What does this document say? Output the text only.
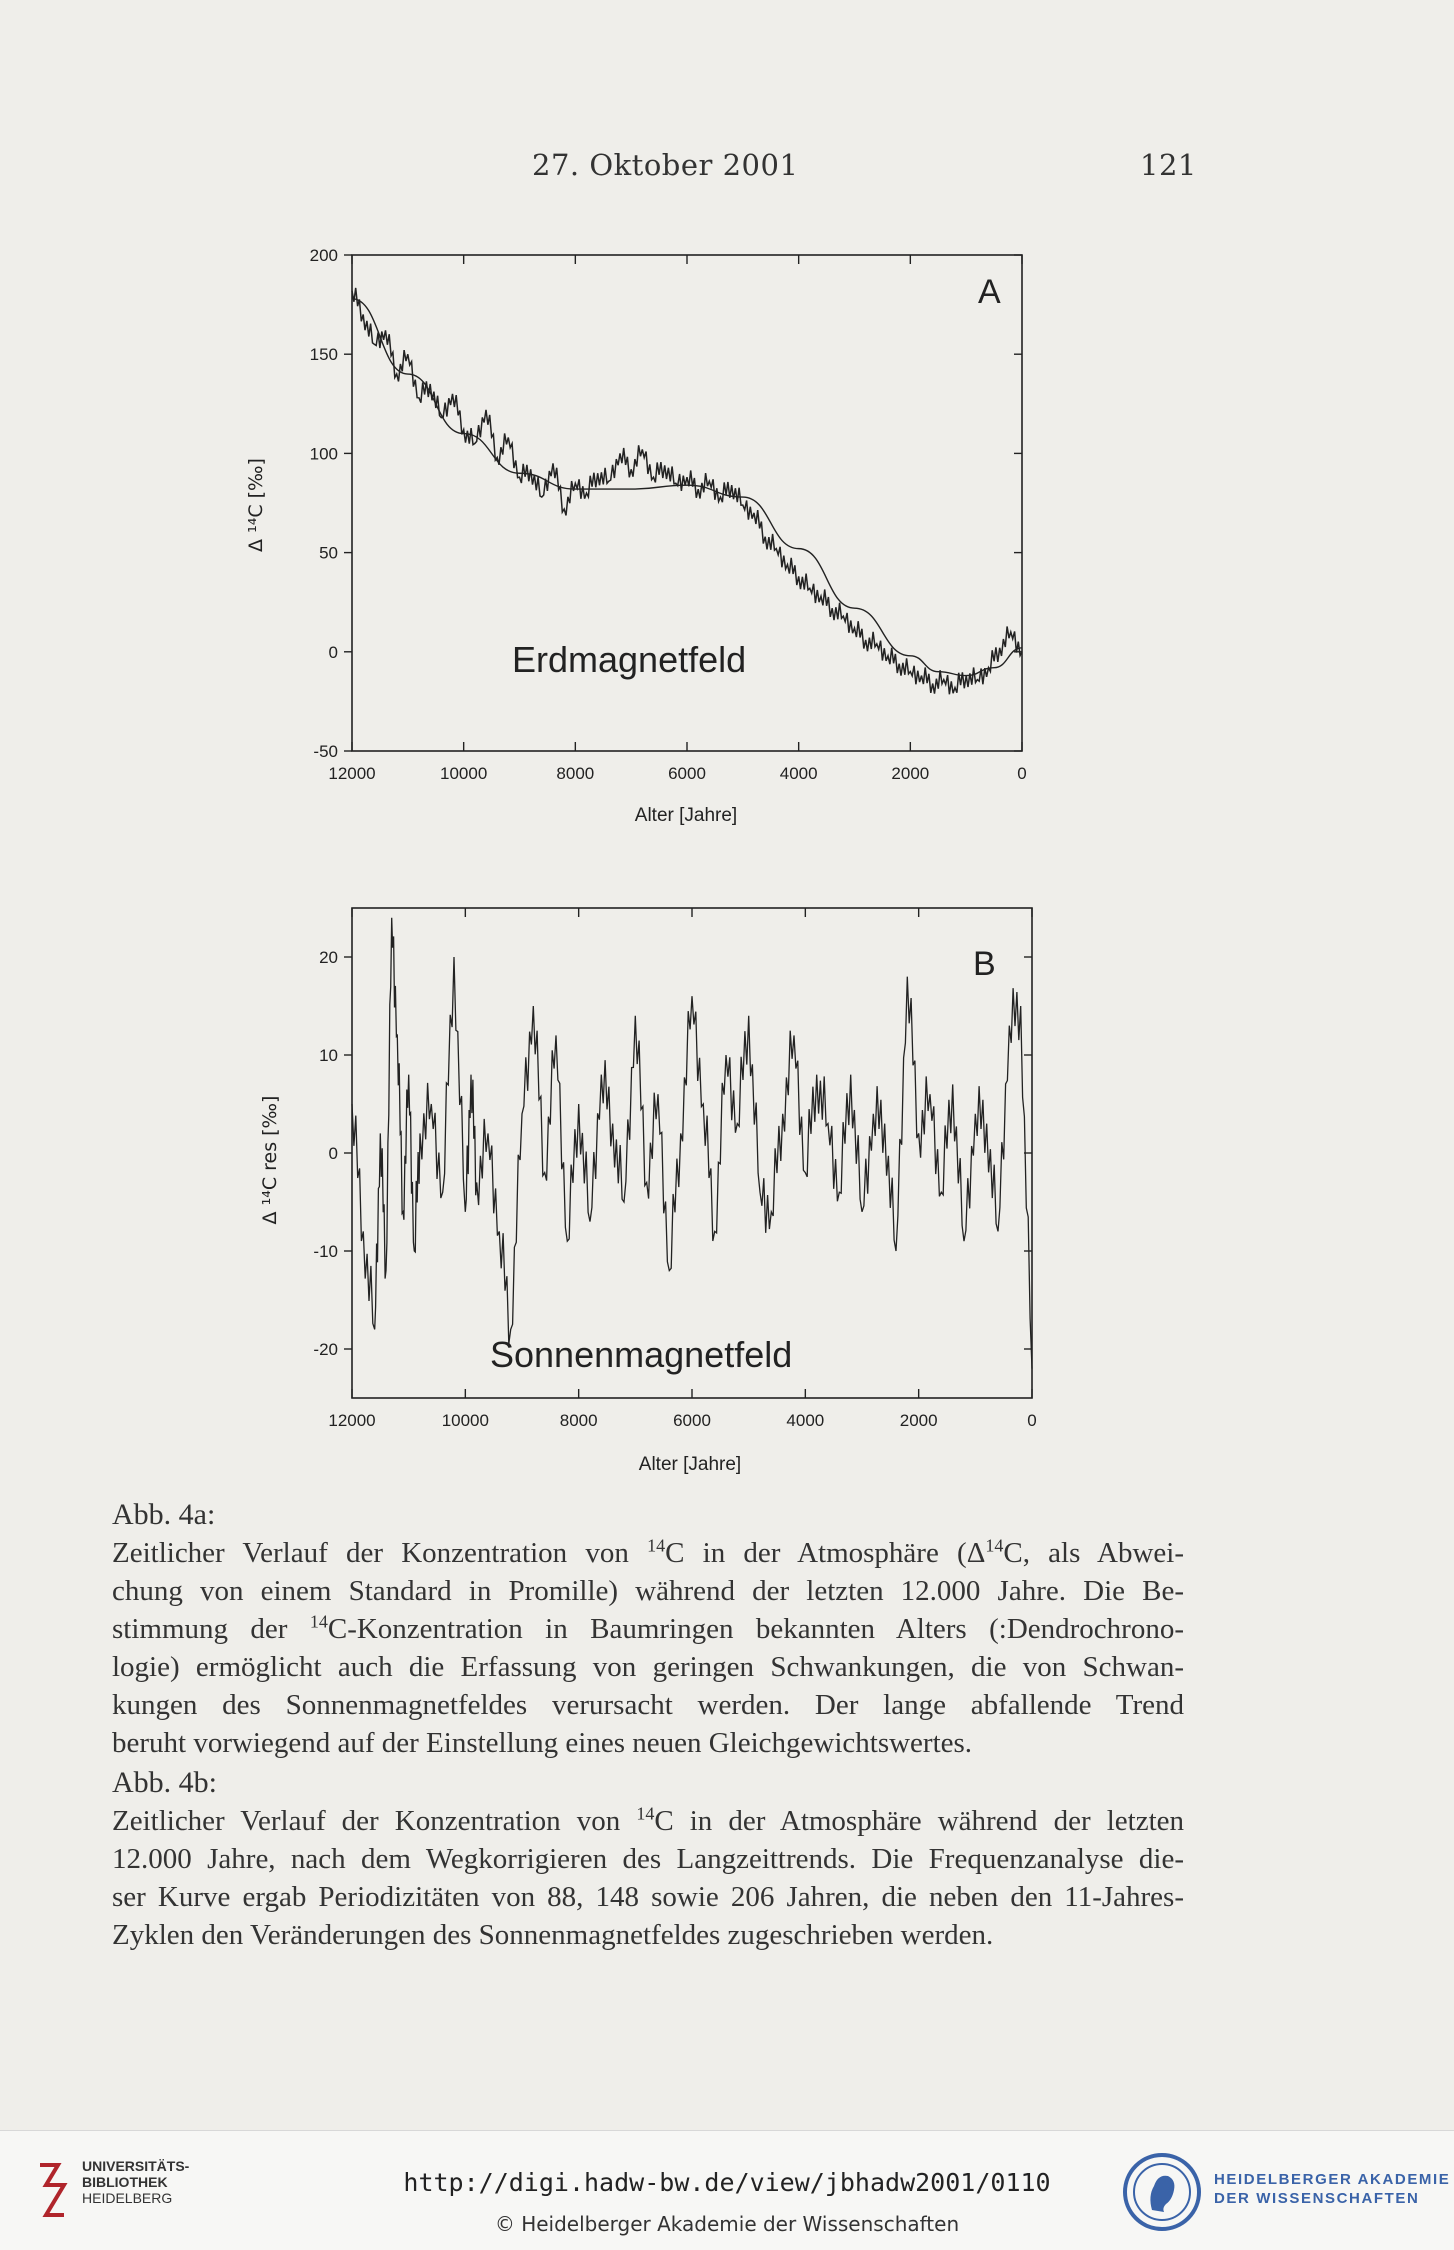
27. Oktober 2001	121
200
150
100
50
0
-50
12000	10000	8000	6000	4000	2000	0
A
Erdmagnetfeld
Alter [Jahre]
Δ ¹⁴C [‰]
20
10
0
-10
-20
12000	10000	8000	6000	4000	2000	0
B
Sonnenmagnetfeld
Alter [Jahre]
Δ ¹⁴C res [‰]
Abb. 4a:
Zeitlicher Verlauf der Konzentration von $^{14}$C in der Atmosphäre ($\Delta^{14}C$, als Abwei-
chung von einem Standard in Promille) während der letzten 12.000 Jahre. Die Be-
stimmung der $^{14}$C-Konzentration in Baumringen bekannten Alters (:Dendrochrono-
logie) ermöglicht auch die Erfassung von geringen Schwankungen, die von Schwan-
kungen des Sonnenmagnetfeldes verursacht werden. Der lange abfallende Trend
beruht vorwiegend auf der Einstellung eines neuen Gleichgewichtswertes.
Abb. 4b:
Zeitlicher Verlauf der Konzentration von $^{14}$C in der Atmosphäre während der letzten
12.000 Jahre, nach dem Wegkorrigieren des Langzeittrends. Die Frequenzanalyse die-
ser Kurve ergab Periodizitäten von 88, 148 sowie 206 Jahren, die neben den 11-Jahres-
Zyklen den Veränderungen des Sonnenmagnetfeldes zugeschrieben werden.
UNIVERSITÄTS-
BIBLIOTHEK
HEIDELBERG
http://digi.hadw-bw.de/view/jbhadw2001/0110
© Heidelberger Akademie der Wissenschaften
HEIDELBERGER AKADEMIE
DER WISSENSCHAFTEN
